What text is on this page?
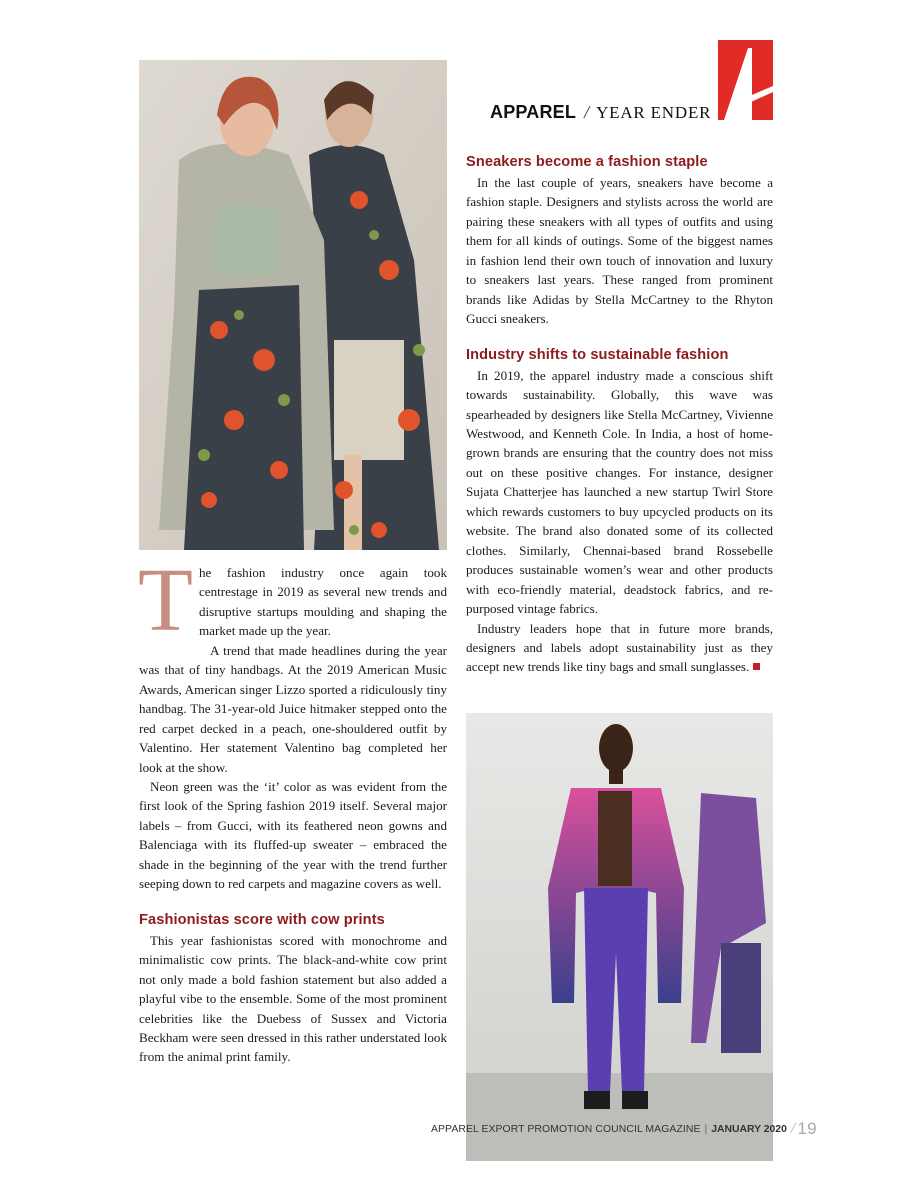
APPAREL / YEAR ENDER

The fashion industry once again took centrestage in 2019 as several new trends and disruptive startups moulding and shaping the market made up the year.

A trend that made headlines during the year was that of tiny handbags. At the 2019 American Music Awards, American singer Lizzo sported a ridiculously tiny handbag. The 31-year-old Juice hitmaker stepped onto the red carpet decked in a peach, one-shouldered outfit by Valentino. Her statement Valentino bag completed her look at the show.

Neon green was the ‘it’ color as was evident from the first look of the Spring fashion 2019 itself. Several major labels – from Gucci, with its feathered neon gowns and Balenciaga with its fluffed-up sweater – embraced the shade in the beginning of the year with the trend further seeping down to red carpets and magazine covers as well.

Fashionistas score with cow prints

This year fashionistas scored with monochrome and minimalistic cow prints. The black-and-white cow print not only made a bold fashion statement but also added a playful vibe to the ensemble. Some of the most prominent celebrities like the Duebess of Sussex and Victoria Beckham were seen dressed in this rather understated look from the animal print family.

Sneakers become a fashion staple

In the last couple of years, sneakers have become a fashion staple. Designers and stylists across the world are pairing these sneakers with all types of outfits and using them for all kinds of outings. Some of the biggest names in fashion lend their own touch of innovation and luxury to sneakers last years. These ranged from prominent brands like Adidas by Stella McCartney to the Rhyton Gucci sneakers.

Industry shifts to sustainable fashion

In 2019, the apparel industry made a conscious shift towards sustainability. Globally, this wave was spearheaded by designers like Stella McCartney, Vivienne Westwood, and Kenneth Cole. In India, a host of home-grown brands are ensuring that the country does not miss out on these positive changes. For instance, designer Sujata Chatterjee has launched a new startup Twirl Store which rewards customers to buy upcycled products on its website. The brand also donated some of its collected clothes. Similarly, Chennai-based brand Rossebelle produces sustainable women’s wear and other products with eco-friendly material, deadstock fabrics, and re-purposed vintage fabrics.

Industry leaders hope that in future more brands, designers and labels adopt sustainability just as they accept new trends like tiny bags and small sunglasses.

APPAREL EXPORT PROMOTION COUNCIL MAGAZINE | JANUARY 2020 / 19
